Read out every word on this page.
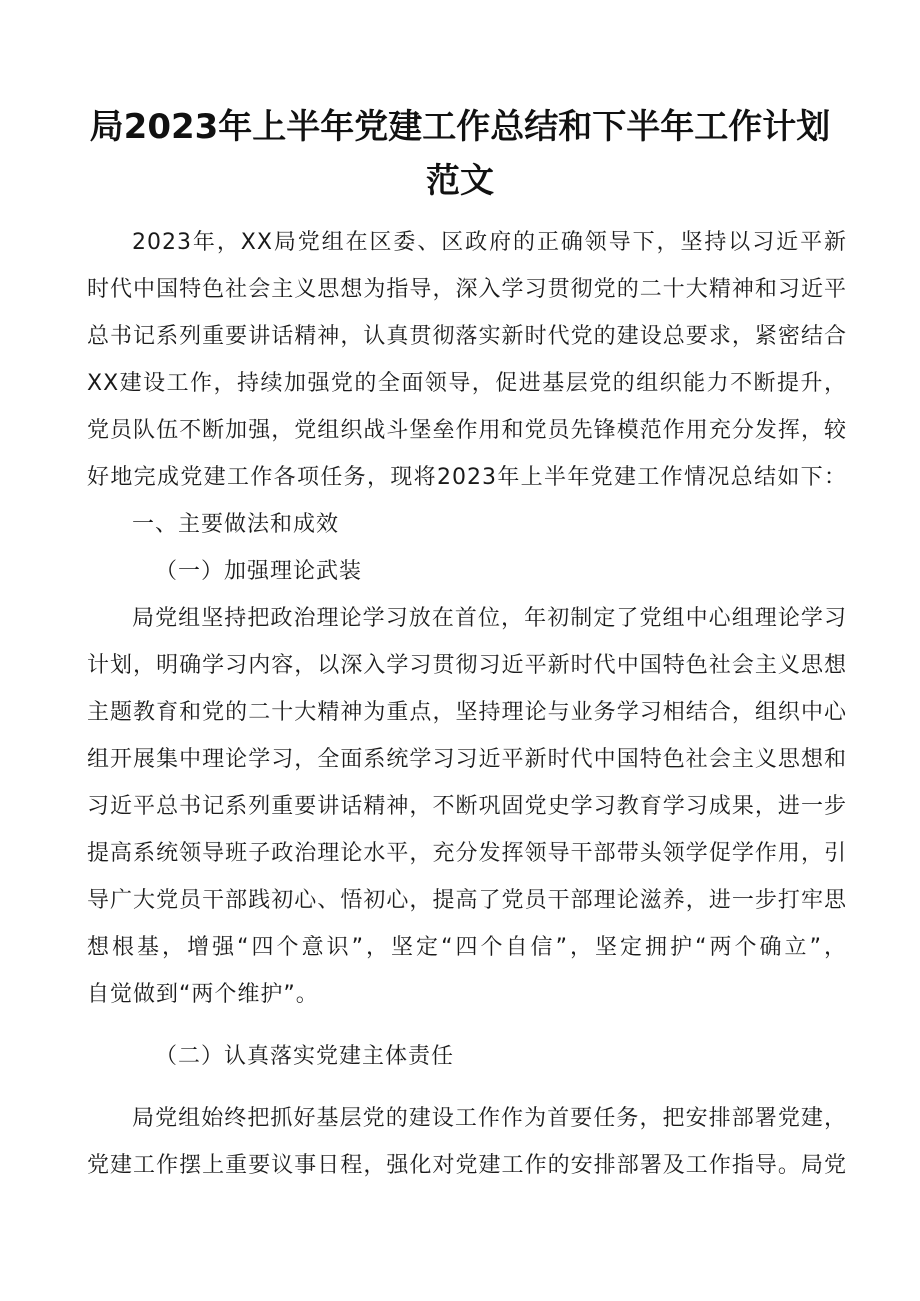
局2023年上半年党建工作总结和下半年工作计划
范文
2023年，XX局党组在区委、区政府的正确领导下，坚持以习近平新
时代中国特色社会主义思想为指导，深入学习贯彻党的二十大精神和习近平
总书记系列重要讲话精神，认真贯彻落实新时代党的建设总要求，紧密结合
XX建设工作，持续加强党的全面领导，促进基层党的组织能力不断提升，
党员队伍不断加强，党组织战斗堡垒作用和党员先锋模范作用充分发挥，较
好地完成党建工作各项任务，现将2023年上半年党建工作情况总结如下：
一、主要做法和成效
（一）加强理论武装
局党组坚持把政治理论学习放在首位，年初制定了党组中心组理论学习
计划，明确学习内容，以深入学习贯彻习近平新时代中国特色社会主义思想
主题教育和党的二十大精神为重点，坚持理论与业务学习相结合，组织中心
组开展集中理论学习，全面系统学习习近平新时代中国特色社会主义思想和
习近平总书记系列重要讲话精神，不断巩固党史学习教育学习成果，进一步
提高系统领导班子政治理论水平，充分发挥领导干部带头领学促学作用，引
导广大党员干部践初心、悟初心，提高了党员干部理论滋养，进一步打牢思
想根基，增强“四个意识”，坚定“四个自信”，坚定拥护“两个确立”，
自觉做到“两个维护”。
（二）认真落实党建主体责任
局党组始终把抓好基层党的建设工作作为首要任务，把安排部署党建，
党建工作摆上重要议事日程，强化对党建工作的安排部署及工作指导。局党
